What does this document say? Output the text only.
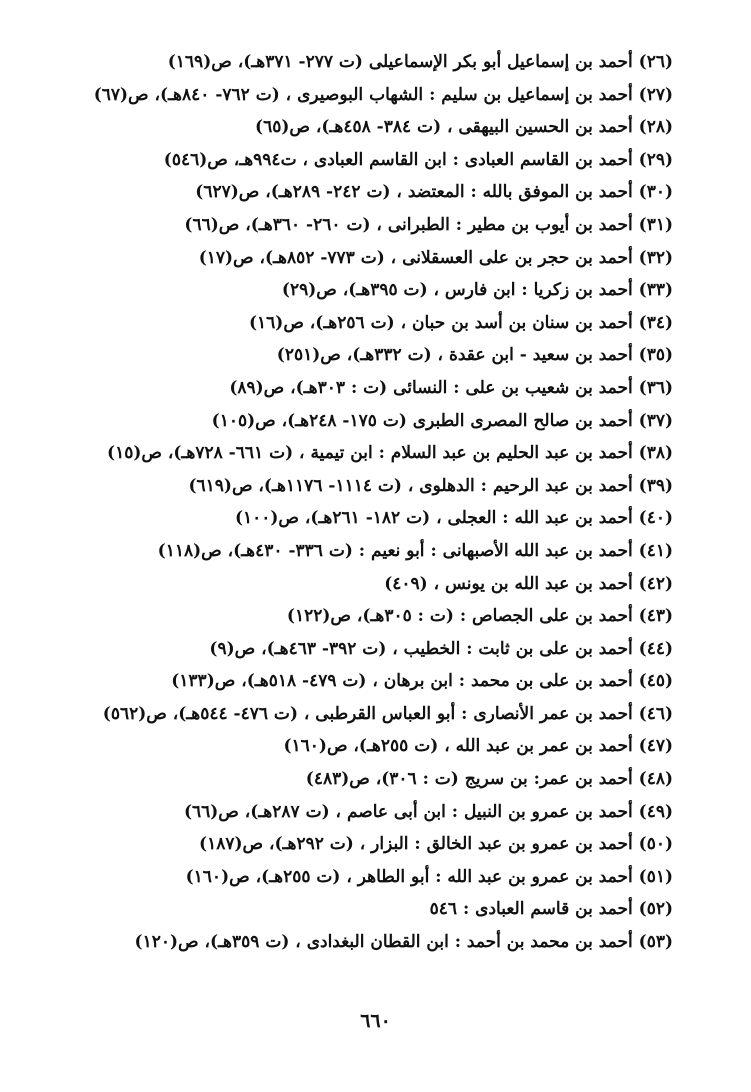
(٢٦) أحمد بن إسماعيل أبو بكر الإسماعيلى (ت ٢٧٧- ٣٧١هـ)، ص(١٦٩)
(٢٧) أحمد بن إسماعيل بن سليم : الشهاب البوصيرى ، (ت ٧٦٢- ٨٤٠هـ)، ص(٦٧)
(٢٨) أحمد بن الحسين البيهقى ، (ت ٣٨٤- ٤٥٨هـ)، ص(٦٥)
(٢٩) أحمد بن القاسم العبادى : ابن القاسم العبادى ، ت٩٩٤هـ، ص(٥٤٦)
(٣٠) أحمد بن الموفق بالله : المعتضد ، (ت ٢٤٢- ٢٨٩هـ)، ص(٦٢٧)
(٣١) أحمد بن أيوب بن مطير : الطبرانى ، (ت ٢٦٠- ٣٦٠هـ)، ص(٦٦)
(٣٢) أحمد بن حجر بن على العسقلانى ، (ت ٧٧٣- ٨٥٢هـ)، ص(١٧)
(٣٣) أحمد بن زكريا : ابن فارس ، (ت ٣٩٥هـ)، ص(٢٩)
(٣٤) أحمد بن سنان بن أسد بن حبان ، (ت ٢٥٦هـ)، ص(١٦)
(٣٥) أحمد بن سعيد - ابن عقدة ، (ت ٣٣٢هـ)، ص(٢٥١)
(٣٦) أحمد بن شعيب بن على : النسائى (ت : ٣٠٣هـ)، ص(٨٩)
(٣٧) أحمد بن صالح المصرى الطبرى (ت ١٧٥- ٢٤٨هـ)، ص(١٠٥)
(٣٨) أحمد بن عبد الحليم بن عبد السلام : ابن تيمية ، (ت ٦٦١- ٧٢٨هـ)، ص(١٥)
(٣٩) أحمد بن عبد الرحيم : الدهلوى ، (ت ١١١٤- ١١٧٦هـ)، ص(٦١٩)
(٤٠) أحمد بن عبد الله : العجلى ، (ت ١٨٢- ٢٦١هـ)، ص(١٠٠)
(٤١) أحمد بن عبد الله الأصبهانى : أبو نعيم : (ت ٣٣٦- ٤٣٠هـ)، ص(١١٨)
(٤٢) أحمد بن عبد الله بن يونس ، (٤٠٩)
(٤٣) أحمد بن على الجصاص : (ت : ٣٠٥هـ)، ص(١٢٢)
(٤٤) أحمد بن على بن ثابت : الخطيب ، (ت ٣٩٢- ٤٦٣هـ)، ص(٩)
(٤٥) أحمد بن على بن محمد : ابن برهان ، (ت ٤٧٩- ٥١٨هـ)، ص(١٣٣)
(٤٦) أحمد بن عمر الأنصارى : أبو العباس القرطبى ، (ت ٤٧٦- ٥٤٤هـ)، ص(٥٦٢)
(٤٧) أحمد بن عمر بن عبد الله ، (ت ٢٥٥هـ)، ص(١٦٠)
(٤٨) أحمد بن عمر: بن سريج (ت : ٣٠٦)، ص(٤٨٣)
(٤٩) أحمد بن عمرو بن النبيل : ابن أبى عاصم ، (ت ٢٨٧هـ)، ص(٦٦)
(٥٠) أحمد بن عمرو بن عبد الخالق : البزار ، (ت ٢٩٢هـ)، ص(١٨٧)
(٥١) أحمد بن عمرو بن عبد الله : أبو الطاهر ، (ت ٢٥٥هـ)، ص(١٦٠)
(٥٢) أحمد بن قاسم العبادى : ٥٤٦
(٥٣) أحمد بن محمد بن أحمد : ابن القطان البغدادى ، (ت ٣٥٩هـ)، ص(١٢٠)
٦٦٠
